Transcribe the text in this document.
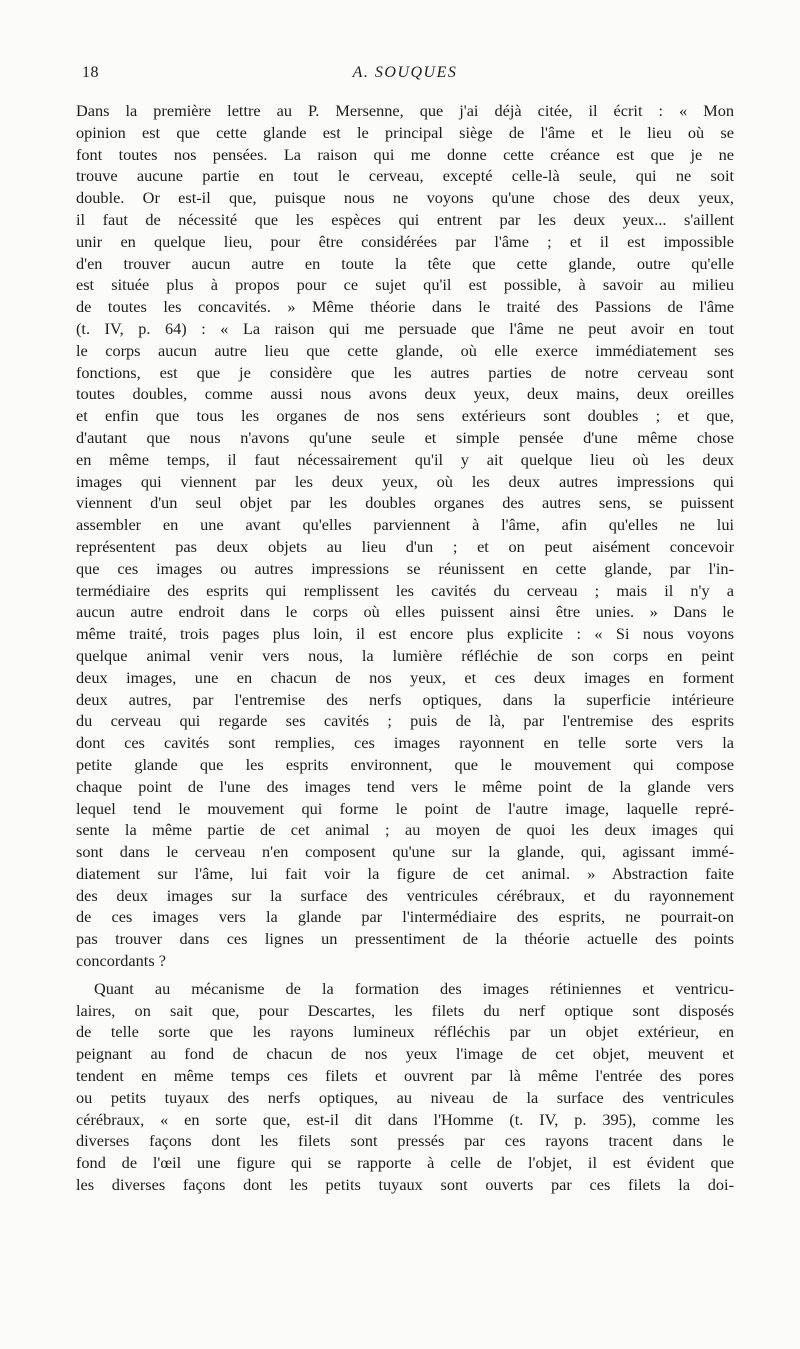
18	A. SOUQUES
Dans la première lettre au P. Mersenne, que j'ai déjà citée, il écrit : « Mon
opinion est que cette glande est le principal siège de l'âme et le lieu où se
font toutes nos pensées. La raison qui me donne cette créance est que je ne
trouve aucune partie en tout le cerveau, excepté celle-là seule, qui ne soit
double. Or est-il que, puisque nous ne voyons qu'une chose des deux yeux,
il faut de nécessité que les espèces qui entrent par les deux yeux... s'aillent
unir en quelque lieu, pour être considérées par l'âme ; et il est impossible
d'en trouver aucun autre en toute la tête que cette glande, outre qu'elle
est située plus à propos pour ce sujet qu'il est possible, à savoir au milieu
de toutes les concavités. » Même théorie dans le traité des Passions de l'âme
(t. IV, p. 64) : « La raison qui me persuade que l'âme ne peut avoir en tout
le corps aucun autre lieu que cette glande, où elle exerce immédiatement ses
fonctions, est que je considère que les autres parties de notre cerveau sont
toutes doubles, comme aussi nous avons deux yeux, deux mains, deux oreilles
et enfin que tous les organes de nos sens extérieurs sont doubles ; et que,
d'autant que nous n'avons qu'une seule et simple pensée d'une même chose
en même temps, il faut nécessairement qu'il y ait quelque lieu où les deux
images qui viennent par les deux yeux, où les deux autres impressions qui
viennent d'un seul objet par les doubles organes des autres sens, se puissent
assembler en une avant qu'elles parviennent à l'âme, afin qu'elles ne lui
représentent pas deux objets au lieu d'un ; et on peut aisément concevoir
que ces images ou autres impressions se réunissent en cette glande, par l'in-
termédiaire des esprits qui remplissent les cavités du cerveau ; mais il n'y a
aucun autre endroit dans le corps où elles puissent ainsi être unies. » Dans le
même traité, trois pages plus loin, il est encore plus explicite : « Si nous voyons
quelque animal venir vers nous, la lumière réfléchie de son corps en peint
deux images, une en chacun de nos yeux, et ces deux images en forment
deux autres, par l'entremise des nerfs optiques, dans la superficie intérieure
du cerveau qui regarde ses cavités ; puis de là, par l'entremise des esprits
dont ces cavités sont remplies, ces images rayonnent en telle sorte vers la
petite glande que les esprits environnent, que le mouvement qui compose
chaque point de l'une des images tend vers le même point de la glande vers
lequel tend le mouvement qui forme le point de l'autre image, laquelle repré-
sente la même partie de cet animal ; au moyen de quoi les deux images qui
sont dans le cerveau n'en composent qu'une sur la glande, qui, agissant immé-
diatement sur l'âme, lui fait voir la figure de cet animal. » Abstraction faite
des deux images sur la surface des ventricules cérébraux, et du rayonnement
de ces images vers la glande par l'intermédiaire des esprits, ne pourrait-on
pas trouver dans ces lignes un pressentiment de la théorie actuelle des points
concordants ?
Quant au mécanisme de la formation des images rétiniennes et ventricu-
laires, on sait que, pour Descartes, les filets du nerf optique sont disposés
de telle sorte que les rayons lumineux réfléchis par un objet extérieur, en
peignant au fond de chacun de nos yeux l'image de cet objet, meuvent et
tendent en même temps ces filets et ouvrent par là même l'entrée des pores
ou petits tuyaux des nerfs optiques, au niveau de la surface des ventricules
cérébraux, « en sorte que, est-il dit dans l'Homme (t. IV, p. 395), comme les
diverses façons dont les filets sont pressés par ces rayons tracent dans le
fond de l'œil une figure qui se rapporte à celle de l'objet, il est évident que
les diverses façons dont les petits tuyaux sont ouverts par ces filets la doi-
